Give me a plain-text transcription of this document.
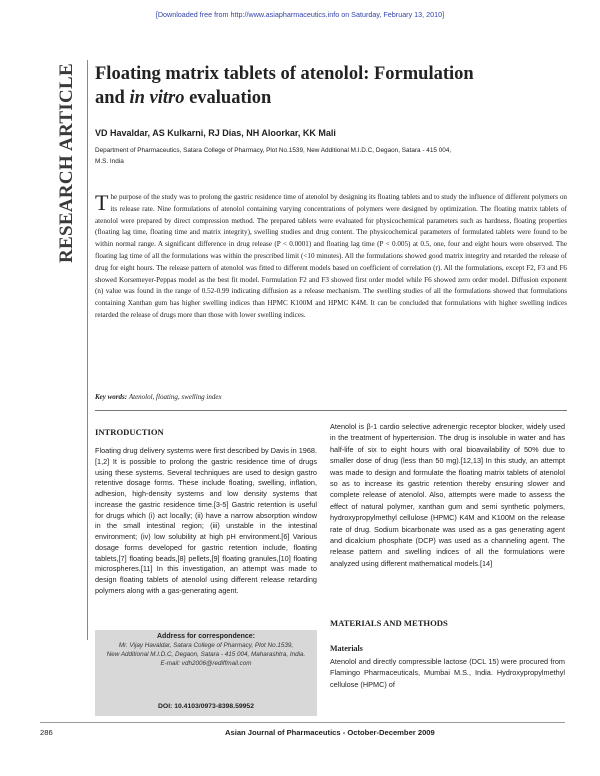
[Downloaded free from http://www.asiapharmaceutics.info on Saturday, February 13, 2010]
RESEARCH ARTICLE Floating matrix tablets of atenolol: Formulation
and in vitro evaluation
VD Havaldar, AS Kulkarni, RJ Dias, NH Aloorkar, KK Mali
Department of Pharmaceutics, Satara College of Pharmacy, Plot No.1539, New Additional M.I.D.C, Degaon, Satara - 415 004,
M.S. India
The purpose of the study was to prolong the gastric residence time of atenolol by designing its floating tablets and to study the influence of different polymers on its release rate. Nine formulations of atenolol containing varying concentrations of polymers were designed by optimization. The floating matrix tablets of atenolol were prepared by direct compression method. The prepared tablets were evaluated for physicochemical parameters such as hardness, floating properties (floating lag time, floating time and matrix integrity), swelling studies and drug content. The physicochemical parameters of formulated tablets were found to be within normal range. A significant difference in drug release (P < 0.0001) and floating lag time (P < 0.005) at 0.5, one, four and eight hours were observed. The floating lag time of all the formulations was within the prescribed limit (<10 minutes). All the formulations showed good matrix integrity and retarded the release of drug for eight hours. The release pattern of atenolol was fitted to different models based on coefficient of correlation (r). All the formulations, except F2, F3 and F6 showed Korsemeyer-Peppas model as the best fit model. Formulation F2 and F3 showed first order model while F6 showed zero order model. Diffusion exponent (n) value was found in the range of 0.52-0.99 indicating diffusion as a release mechanism. The swelling studies of all the formulations showed that formulations containing Xanthan gum has higher swelling indices than HPMC K100M and HPMC K4M. It can be concluded that formulations with higher swelling indices retarded the release of drugs more than those with lower swelling indices.
Key words: Atenolol, floating, swelling index
INTRODUCTION
Floating drug delivery systems were first described by Davis in 1968.[1,2] It is possible to prolong the gastric residence time of drugs using these systems. Several techniques are used to design gastro retentive dosage forms. These include floating, swelling, inflation, adhesion, high-density systems and low density systems that increase the gastric residence time.[3-5] Gastric retention is useful for drugs which (i) act locally; (ii) have a narrow absorption window in the small intestinal region; (iii) unstable in the intestinal environment; (iv) low solubility at high pH environment.[6] Various dosage forms developed for gastric retention include, floating tablets,[7] floating beads,[8] pellets,[9] floating granules,[10] floating microspheres.[11] In this investigation, an attempt was made to design floating tablets of atenolol using different release retarding polymers along with a gas-generating agent.
Atenolol is β-1 cardio selective adrenergic receptor blocker, widely used in the treatment of hypertension. The drug is insoluble in water and has half-life of six to eight hours with oral bioavailability of 50% due to smaller dose of drug (less than 50 mg).[12,13] In this study, an attempt was made to design and formulate the floating matrix tablets of atenolol so as to increase its gastric retention thereby ensuring slower and complete release of atenolol. Also, attempts were made to assess the effect of natural polymer, xanthan gum and semi synthetic polymers, hydroxypropylmethyl cellulose (HPMC) K4M and K100M on the release rate of drug. Sodium bicarbonate was used as a gas generating agent and dicalcium phosphate (DCP) was used as a channeling agent. The release pattern and swelling indices of all the formulations were analyzed using different mathematical models.[14]
MATERIALS AND METHODS
Materials
Atenolol and directly compressible lactose (DCL 15) were procured from Flamingo Pharmaceuticals, Mumbai M.S., India. Hydroxypropylmethyl cellulose (HPMC) of
Address for correspondence:
Mr. Vijay Havaldar, Satara College of Pharmacy, Plot No.1539,
New Additional M.I.D.C, Degaon, Satara - 415 004, Maharashtra, India.
E-mail: vdh2006@rediffmail.com
DOI: 10.4103/0973-8398.59952
286	Asian Journal of Pharmaceutics - October-December 2009
